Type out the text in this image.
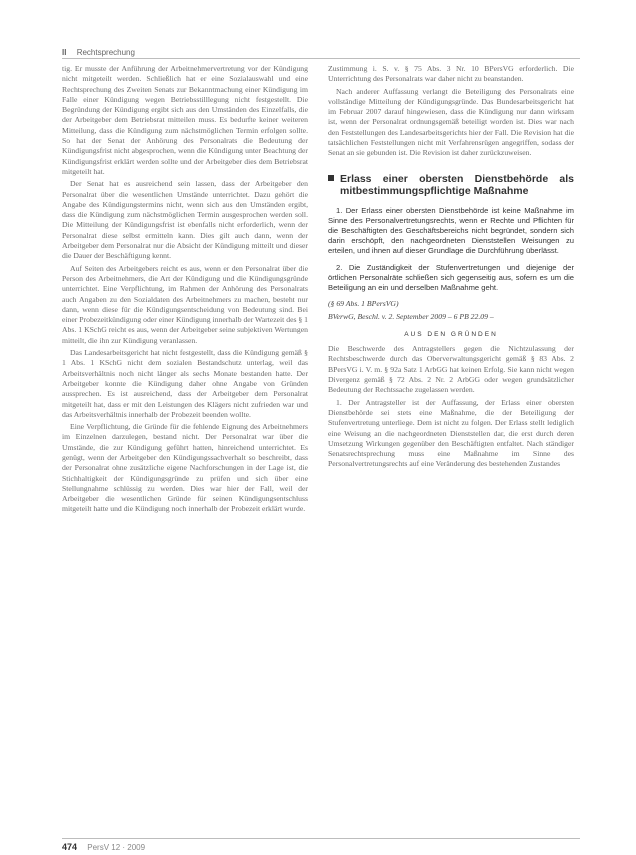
II Rechtsprechung

tig. Er musste der Anführung der Arbeitnehmervertretung vor der Kündigung nicht mitgeteilt werden. Schließlich hat er eine Sozialauswahl und eine Rechtsprechung des Zweiten Senats zur Bekanntmachung einer Kündigung im Falle einer Kündigung wegen Betriebsstilllegung nicht festgestellt. Die Begründung der Kündigung ergibt sich aus den Umständen des Einzelfalls, die der Arbeitgeber dem Betriebsrat mitteilen muss. Es bedurfte keiner weiteren Mitteilung, dass die Kündigung zum nächstmöglichen Termin erfolgen sollte. So hat der Senat der Anhörung des Personalrats die Bedeutung der Kündigungsfrist nicht abgesprochen, wenn die Kündigung unter Beachtung der Kündigungsfrist erklärt werden sollte und der Arbeitgeber dies dem Betriebsrat mitgeteilt hat.

Der Senat hat es ausreichend sein lassen, dass der Arbeitgeber den Personalrat über die wesentlichen Umstände unterrichtet. Dazu gehört die Angabe des Kündigungstermins nicht, wenn sich aus den Umständen ergibt, dass die Kündigung zum nächstmöglichen Termin ausgesprochen werden soll. Die Mitteilung der Kündigungsfrist ist ebenfalls nicht erforderlich, wenn der Personalrat diese selbst ermitteln kann. Dies gilt auch dann, wenn der Arbeitgeber dem Personalrat nur die Absicht der Kündigung mitteilt und dieser die Dauer der Beschäftigung kennt.

Auf Seiten des Arbeitgebers reicht es aus, wenn er den Personalrat über die Person des Arbeitnehmers, die Art der Kündigung und die Kündigungsgründe unterrichtet. Eine Verpflichtung, im Rahmen der Anhörung des Personalrats auch Angaben zu den Sozialdaten des Arbeitnehmers zu machen, besteht nur dann, wenn diese für die Kündigungsentscheidung von Bedeutung sind. Bei einer Probezeitkündigung oder einer Kündigung innerhalb der Wartezeit des § 1 Abs. 1 KSchG reicht es aus, wenn der Arbeitgeber seine subjektiven Wertungen mitteilt, die ihn zur Kündigung veranlassen.

Das Landesarbeitsgericht hat nicht festgestellt, dass die Kündigung gemäß § 1 Abs. 1 KSchG nicht dem sozialen Bestandschutz unterlag, weil das Arbeitsverhältnis noch nicht länger als sechs Monate bestanden hatte. Der Arbeitgeber konnte die Kündigung daher ohne Angabe von Gründen aussprechen. Es ist ausreichend, dass der Arbeitgeber dem Personalrat mitgeteilt hat, dass er mit den Leistungen des Klägers nicht zufrieden war und das Arbeitsverhältnis innerhalb der Probezeit beenden wollte.

Eine Verpflichtung, die Gründe für die fehlende Eignung des Arbeitnehmers im Einzelnen darzulegen, bestand nicht. Der Personalrat war über die Umstände, die zur Kündigung geführt hatten, hinreichend unterrichtet. Es genügt, wenn der Arbeitgeber den Kündigungssachverhalt so beschreibt, dass der Personalrat ohne zusätzliche eigene Nachforschungen in der Lage ist, die Stichhaltigkeit der Kündigungsgründe zu prüfen und sich über eine Stellungnahme schlüssig zu werden. Dies war hier der Fall, weil der Arbeitgeber die wesentlichen Gründe für seinen Kündigungsentschluss mitgeteilt hatte und die Kündigung noch innerhalb der Probezeit erklärt wurde.

Zustimmung i. S. v. § 75 Abs. 3 Nr. 10 BPersVG erforderlich. Die Unterrichtung des Personalrats war daher nicht zu beanstanden.

Nach anderer Auffassung verlangt die Beteiligung des Personalrats eine vollständige Mitteilung der Kündigungsgründe. Das Bundesarbeitsgericht hat im Februar 2007 darauf hingewiesen, dass die Kündigung nur dann wirksam ist, wenn der Personalrat ordnungsgemäß beteiligt worden ist. Dies war nach den Feststellungen des Landesarbeitsgerichts hier der Fall. Die Revision hat die tatsächlichen Feststellungen nicht mit Verfahrensrügen angegriffen, sodass der Senat an sie gebunden ist. Die Revision ist daher zurückzuweisen.

Erlass einer obersten Dienstbehörde als mitbestimmungspflichtige Maßnahme

1. Der Erlass einer obersten Dienstbehörde ist keine Maßnahme im Sinne des Personalvertretungsrechts, wenn er Rechte und Pflichten für die Beschäftigten des Geschäftsbereichs nicht begründet, sondern sich darin erschöpft, den nachgeordneten Dienststellen Weisungen zu erteilen, und ihnen auf dieser Grundlage die Durchführung überlässt.

2. Die Zuständigkeit der Stufenvertretungen und diejenige der örtlichen Personalräte schließen sich gegenseitig aus, sofern es um die Beteiligung an ein und derselben Maßnahme geht.

(§ 69 Abs. 1 BPersVG)
BVerwG, Beschl. v. 2. September 2009 – 6 PB 22.09 –
AUS DEN GRÜNDEN

Die Beschwerde des Antragstellers gegen die Nichtzulassung der Rechtsbeschwerde durch das Oberverwaltungsgericht gemäß § 83 Abs. 2 BPersVG i. V. m. § 92a Satz 1 ArbGG hat keinen Erfolg. Sie kann nicht wegen Divergenz gemäß § 72 Abs. 2 Nr. 2 ArbGG oder wegen grundsätzlicher Bedeutung der Rechtssache zugelassen werden.

1. Der Antragsteller ist der Auffassung, der Erlass einer obersten Dienstbehörde sei stets eine Maßnahme, die der Beteiligung der Stufenvertretung unterliege. Dem ist nicht zu folgen. Der Erlass stellt lediglich eine Weisung an die nachgeordneten Dienststellen dar, die erst durch deren Umsetzung Wirkungen gegenüber den Beschäftigten entfaltet. Nach ständiger Senatsrechtsprechung muss eine Maßnahme im Sinne des Personalvertretungsrechts auf eine Veränderung des bestehenden Zustandes

474 PersV 12 · 2009
